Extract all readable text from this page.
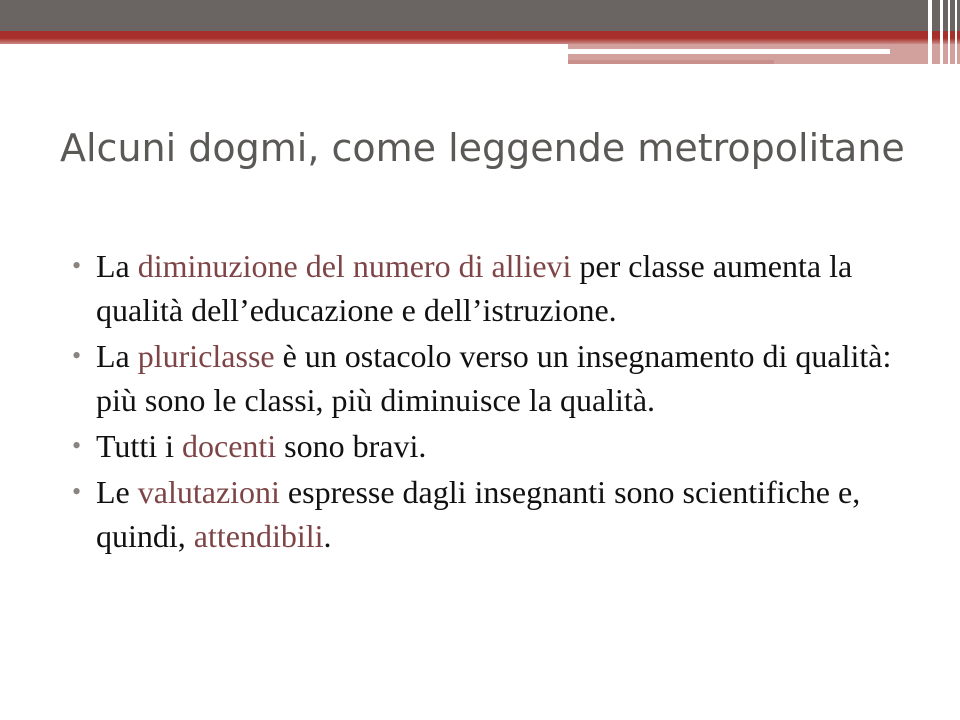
Alcuni dogmi, come leggende metropolitane
• La diminuzione del numero di allievi per classe aumenta la qualità dell’educazione e dell’istruzione.
• La pluriclasse è un ostacolo verso un insegnamento di qualità: più sono le classi, più diminuisce la qualità.
• Tutti i docenti sono bravi.
• Le valutazioni espresse dagli insegnanti sono scientifiche e, quindi, attendibili.
